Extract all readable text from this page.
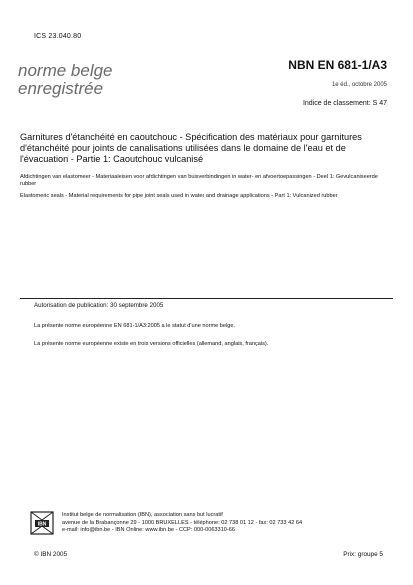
ICS 23.040.80
norme belge
enregistrée
NBN EN 681-1/A3
1e éd., octobre 2005
Indice de classement: S 47
Garnitures d'étanchéité en caoutchouc - Spécification des matériaux pour garnitures d'étanchéité pour joints de canalisations utilisées dans le domaine de l'eau et de l'évacuation - Partie 1: Caoutchouc vulcanisé
Afdichtingen van elastomeer - Materiaaleisen voor afdichtingen van buisverbindingen in water- en afvoertoepassingen - Deel 1: Gevulcaniseerde rubber
Elastomeric seals - Material requirements for pipe joint seals used in water and drainage applications - Part 1: Vulcanized rubber
Autorisation de publication: 30 septembre 2005
La présente norme européenne EN 681-1/A3:2005 a le statut d'une norme belge.
La présente norme européenne existe en trois versions officielles (allemand, anglais, français).
IBN
Institut belge de normalisation (IBN), association sans but lucratif
avenue de la Brabançonne 29 - 1000 BRUXELLES - téléphone: 02 738 01 12 - fax: 02 733 42 64
e-mail: info@ibn.be - IBN Online: www.ibn.be - CCP: 000-0063310-66
© IBN 2005	Prix: groupe 5
